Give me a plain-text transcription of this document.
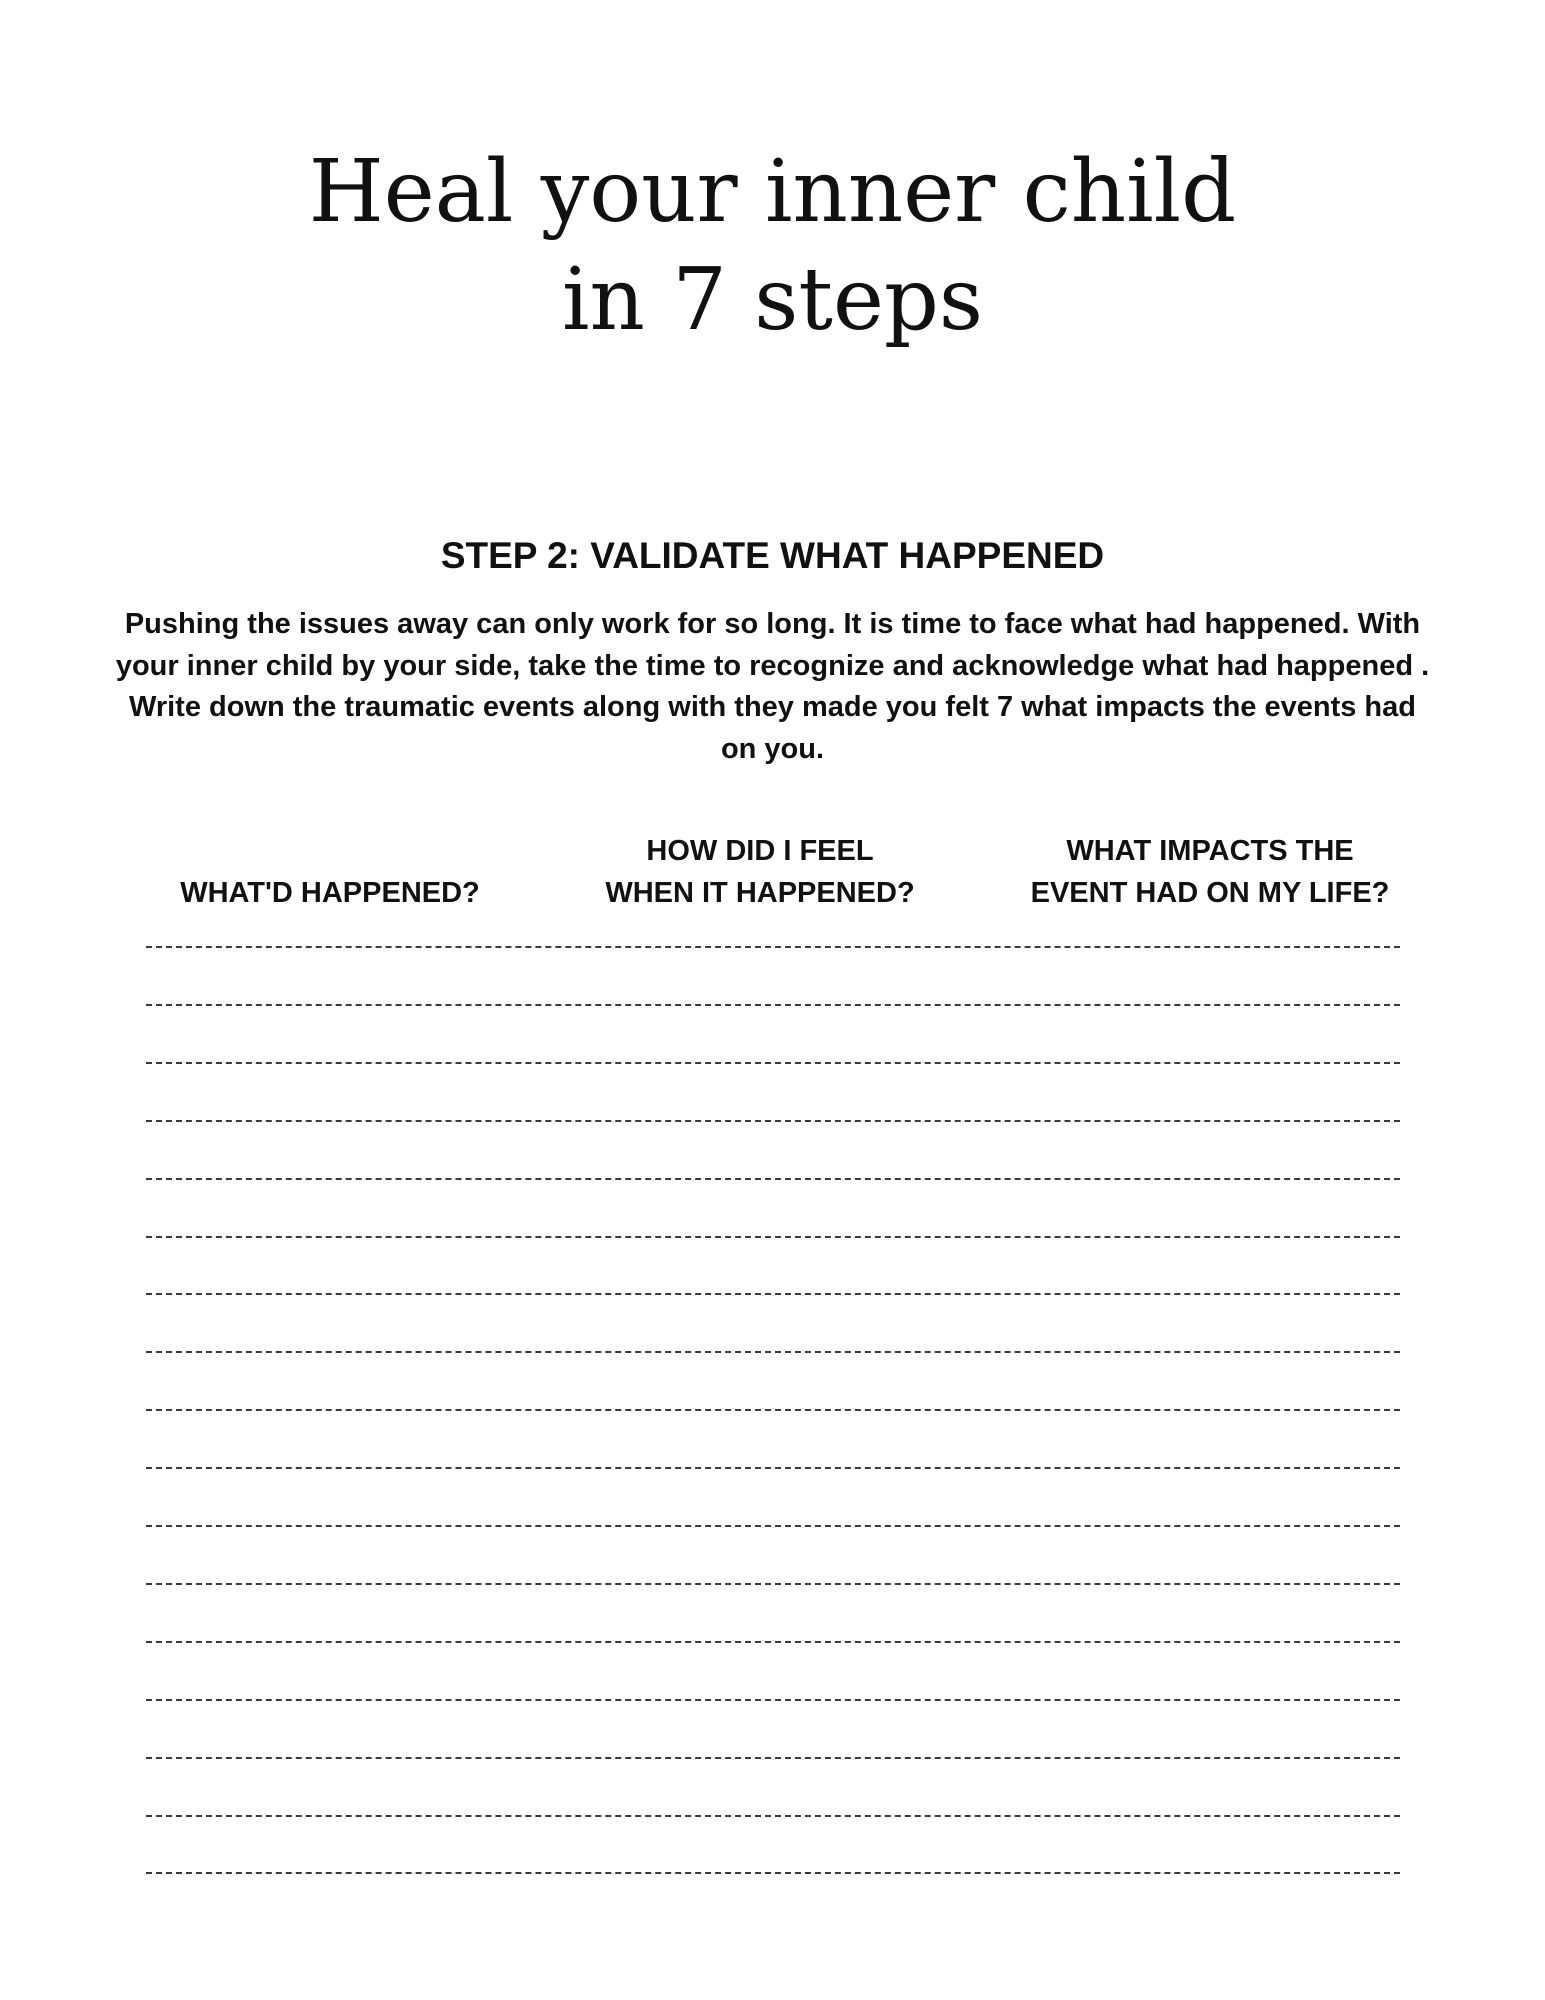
Heal your inner child
in 7 steps
STEP 2: VALIDATE WHAT HAPPENED

Pushing the issues away can only work for so long. It is time to face what had happened. With your inner child by your side, take the time to recognize and acknowledge what had happened . Write down the traumatic events along with they made you felt 7 what impacts the events had on you.

WHAT'D HAPPENED?
HOW DID I FEEL
WHEN IT HAPPENED?
WHAT IMPACTS THE
EVENT HAD ON MY LIFE?
